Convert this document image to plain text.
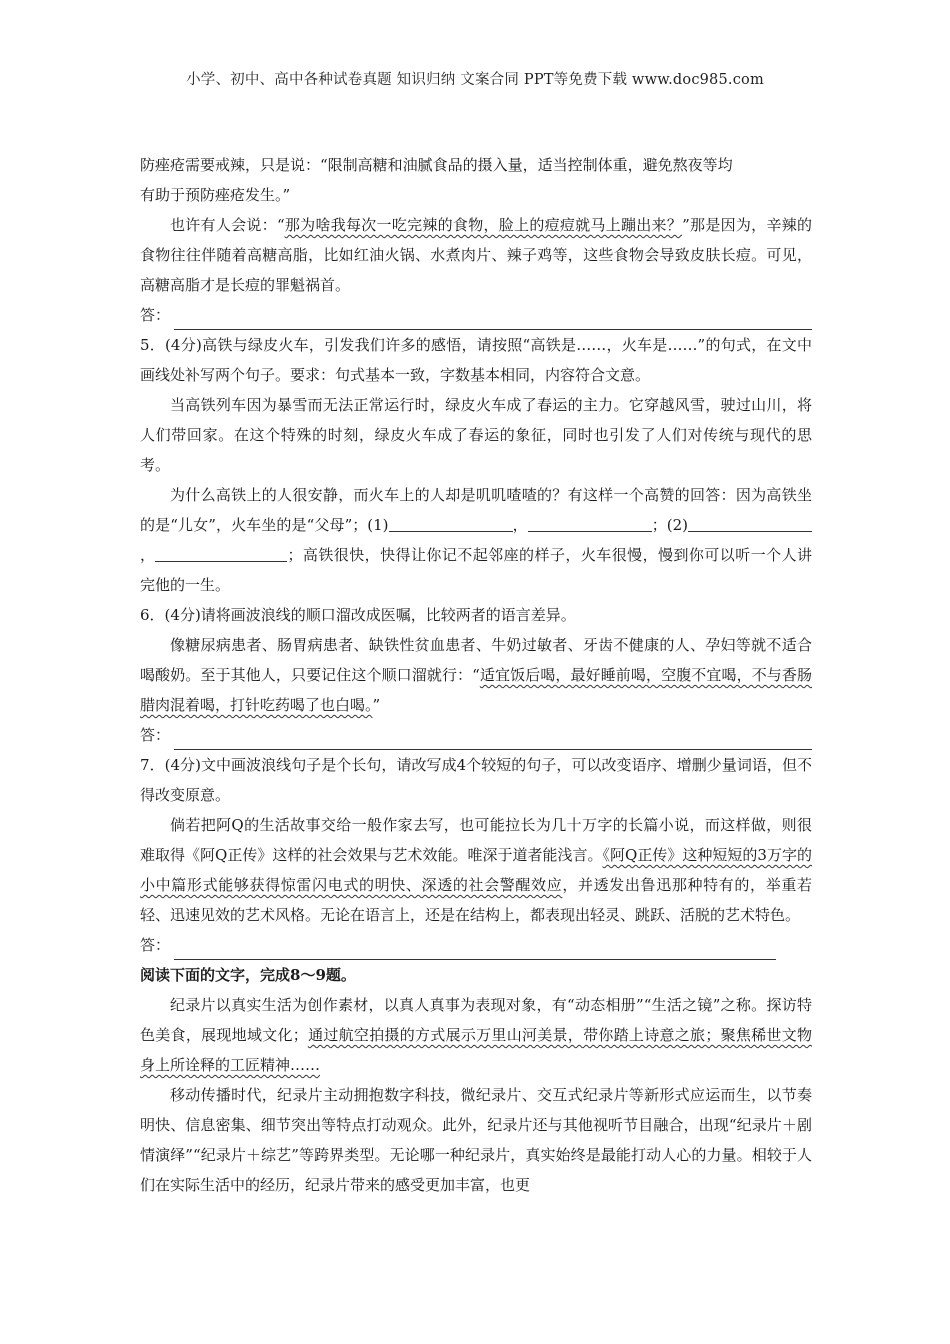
小学、初中、高中各种试卷真题 知识归纳 文案合同 PPT等免费下载 www.doc985.com

防痤疮需要戒辣，只是说：“限制高糖和油腻食品的摄入量，适当控制体重，避免熬夜等均
有助于预防痤疮发生。”

也许有人会说：“那为啥我每次一吃完辣的食物，脸上的痘痘就马上蹦出来？”那是因为，辛辣的食物往往伴随着高糖高脂，比如红油火锅、水煮肉片、辣子鸡等，这些食物会导致皮肤长痘。可见，高糖高脂才是长痘的罪魁祸首。

答：

5．(4分)高铁与绿皮火车，引发我们许多的感悟，请按照“高铁是……，火车是……”的句式，在文中画线处补写两个句子。要求：句式基本一致，字数基本相同，内容符合文意。

当高铁列车因为暴雪而无法正常运行时，绿皮火车成了春运的主力。它穿越风雪，驶过山川，将人们带回家。在这个特殊的时刻，绿皮火车成了春运的象征，同时也引发了人们对传统与现代的思考。

为什么高铁上的人很安静，而火车上的人却是叽叽喳喳的？有这样一个高赞的回答：因为高铁坐的是“儿女”，火车坐的是“父母”；(1)	，	；(2)，	；高铁很快，快得让你记不起邻座的样子，火车很慢，慢到你可以听一个人讲完他的一生。

6．(4分)请将画波浪线的顺口溜改成医嘱，比较两者的语言差异。

像糖尿病患者、肠胃病患者、缺铁性贫血患者、牛奶过敏者、牙齿不健康的人、孕妇等就不适合喝酸奶。至于其他人，只要记住这个顺口溜就行：“适宜饭后喝，最好睡前喝，空腹不宜喝，不与香肠腊肉混着喝，打针吃药喝了也白喝。”

答：

7．(4分)文中画波浪线句子是个长句，请改写成4个较短的句子，可以改变语序、增删少量词语，但不得改变原意。

倘若把阿Q的生活故事交给一般作家去写，也可能拉长为几十万字的长篇小说，而这样做，则很难取得《阿Q正传》这样的社会效果与艺术效能。唯深于道者能浅言。《阿Q正传》这种短短的3万字的小中篇形式能够获得惊雷闪电式的明快、深透的社会警醒效应，并透发出鲁迅那种特有的，举重若轻、迅速见效的艺术风格。无论在语言上，还是在结构上，都表现出轻灵、跳跃、活脱的艺术特色。

答：

阅读下面的文字，完成8～9题。

纪录片以真实生活为创作素材，以真人真事为表现对象，有“动态相册”“生活之镜”之称。探访特色美食，展现地域文化；通过航空拍摄的方式展示万里山河美景，带你踏上诗意之旅；聚焦稀世文物身上所诠释的工匠精神……

移动传播时代，纪录片主动拥抱数字科技，微纪录片、交互式纪录片等新形式应运而生，以节奏明快、信息密集、细节突出等特点打动观众。此外，纪录片还与其他视听节目融合，出现“纪录片＋剧情演绎”“纪录片＋综艺”等跨界类型。无论哪一种纪录片，真实始终是最能打动人心的力量。相较于人们在实际生活中的经历，纪录片带来的感受更加丰富，也更
